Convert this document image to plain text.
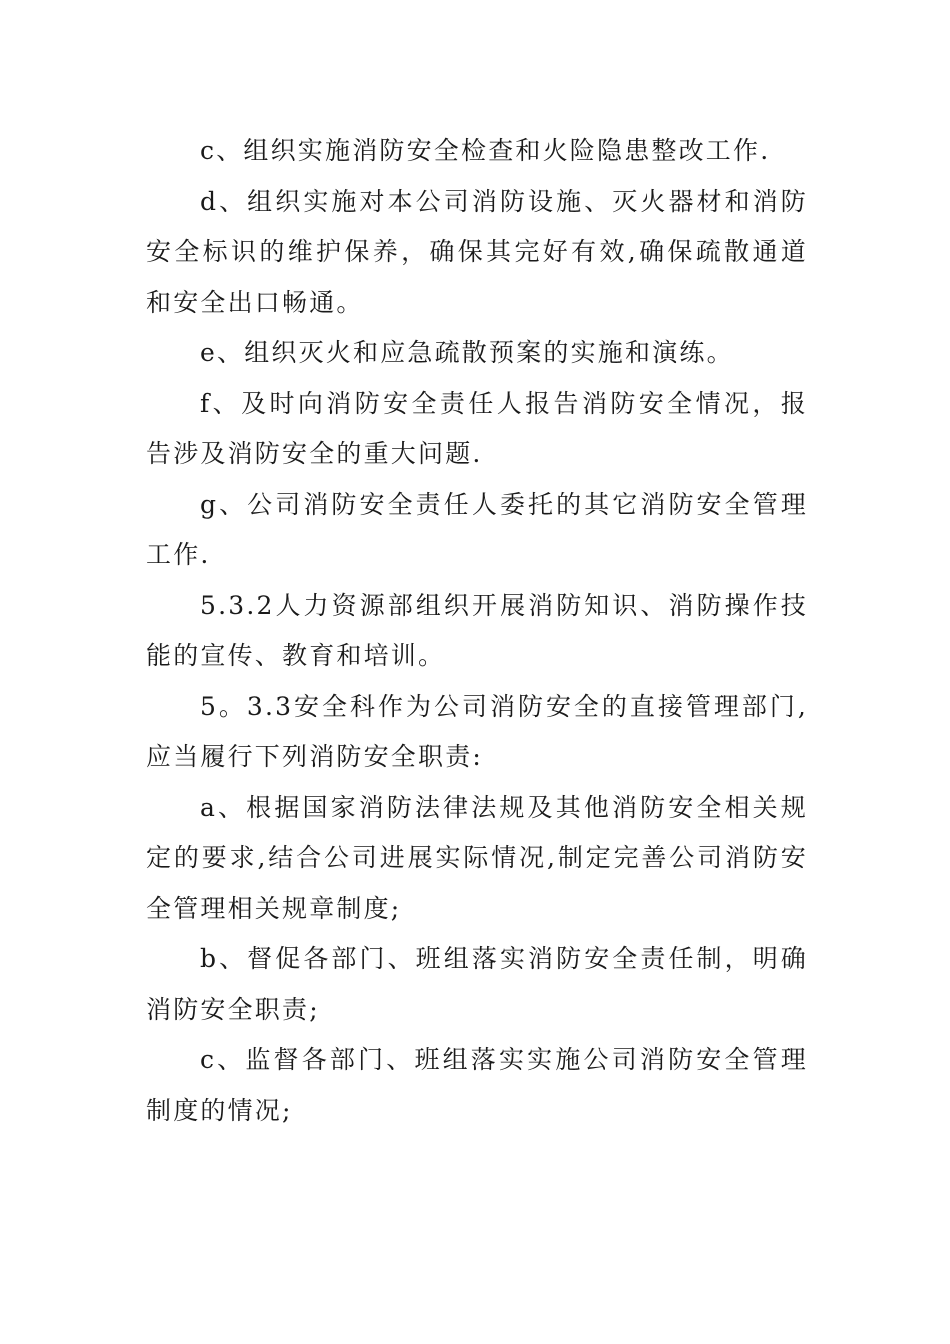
c、组织实施消防安全检查和火险隐患整改工作.

d、组织实施对本公司消防设施、灭火器材和消防安全标识的维护保养，确保其完好有效,确保疏散通道和安全出口畅通。

e、组织灭火和应急疏散预案的实施和演练。

f、及时向消防安全责任人报告消防安全情况，报告涉及消防安全的重大问题.

g、公司消防安全责任人委托的其它消防安全管理工作.

5.3.2人力资源部组织开展消防知识、消防操作技能的宣传、教育和培训。

5。3.3安全科作为公司消防安全的直接管理部门,应当履行下列消防安全职责:

a、根据国家消防法律法规及其他消防安全相关规定的要求,结合公司进展实际情况,制定完善公司消防安全管理相关规章制度;

b、督促各部门、班组落实消防安全责任制，明确消防安全职责;

c、监督各部门、班组落实实施公司消防安全管理制度的情况;
